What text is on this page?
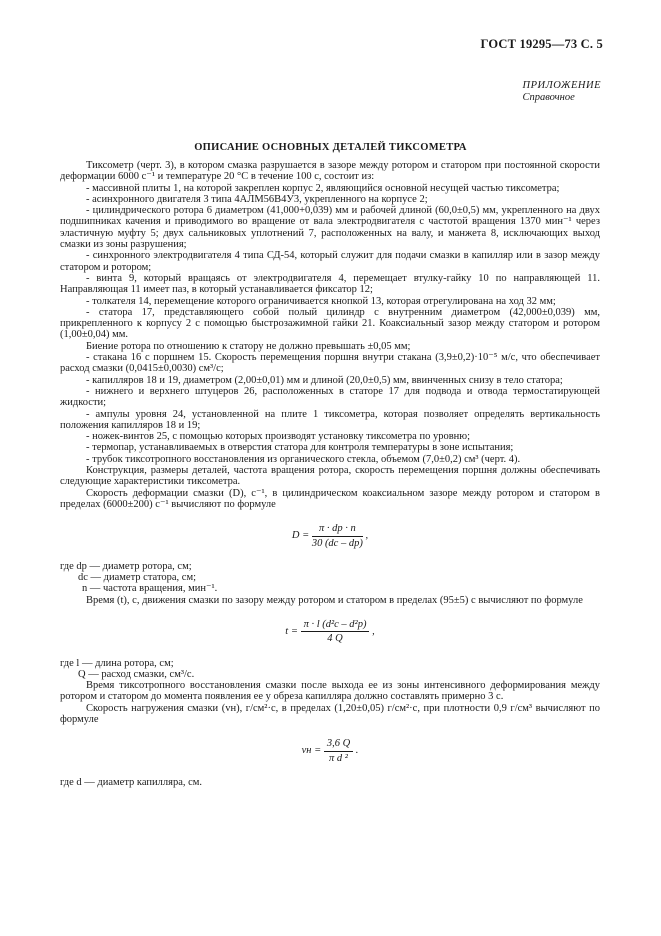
ГОСТ 19295—73 С. 5
ПРИЛОЖЕНИЕ
Справочное
ОПИСАНИЕ ОСНОВНЫХ ДЕТАЛЕЙ ТИКСОМЕТРА

Тиксометр (черт. 3), в котором смазка разрушается в зазоре между ротором и статором при постоянной скорости деформации 6000 с⁻¹ и температуре 20 °С в течение 100 с, состоит из:

- массивной плиты 1, на которой закреплен корпус 2, являющийся основной несущей частью тиксометра;

- асинхронного двигателя 3 типа 4АЛМ56В4У3, укрепленного на корпусе 2;

- цилиндрического ротора 6 диаметром (41,000+0,039) мм и рабочей длиной (60,0±0,5) мм, укрепленного на двух подшипниках качения и приводимого во вращение от вала электродвигателя с частотой вращения 1370 мин⁻¹ через эластичную муфту 5; двух сальниковых уплотнений 7, расположенных на валу, и манжета 8, исключающих выход смазки из зоны разрушения;

- синхронного электродвигателя 4 типа СД-54, который служит для подачи смазки в капилляр или в зазор между статором и ротором;

- винта 9, который вращаясь от электродвигателя 4, перемещает втулку-гайку 10 по направляющей 11. Направляющая 11 имеет паз, в который устанавливается фиксатор 12;

- толкателя 14, перемещение которого ограничивается кнопкой 13, которая отрегулирована на ход 32 мм;

- статора 17, представляющего собой полый цилиндр с внутренним диаметром (42,000±0,039) мм, прикрепленного к корпусу 2 с помощью быстрозажимной гайки 21. Коаксиальный зазор между статором и ротором (1,00±0,04) мм.

Биение ротора по отношению к статору не должно превышать ±0,05 мм;

- стакана 16 с поршнем 15. Скорость перемещения поршня внутри стакана (3,9±0,2)·10⁻⁵ м/с, что обеспечивает расход смазки (0,0415±0,0030) см³/с;

- капилляров 18 и 19, диаметром (2,00±0,01) мм и длиной (20,0±0,5) мм, ввинченных снизу в тело статора;

- нижнего и верхнего штуцеров 26, расположенных в статоре 17 для подвода и отвода термостатирующей жидкости;

- ампулы уровня 24, установленной на плите 1 тиксометра, которая позволяет определять вертикальность положения капилляров 18 и 19;

- ножек-винтов 25, с помощью которых производят установку тиксометра по уровню;

- термопар, устанавливаемых в отверстия статора для контроля температуры в зоне испытания;

- трубок тиксотропного восстановления из органического стекла, объемом (7,0±0,2) см³ (черт. 4).

Конструкция, размеры деталей, частота вращения ротора, скорость перемещения поршня должны обеспечивать следующие характеристики тиксометра.

Скорость деформации смазки (D), с⁻¹, в цилиндрическом коаксиальном зазоре между ротором и статором в пределах (6000±200) с⁻¹ вычисляют по формуле

$D = \frac{\pi \cdot dр \cdot n}{30 (dс - dр)}$ ,
где dр — диаметр ротора, см;
dс — диаметр статора, см;
n — частота вращения, мин⁻¹.

Время (t), с, движения смазки по зазору между ротором и статором в пределах (95±5) с вычисляют по формуле

$t = \frac{\text{π · l (d²с – d²р)}}{4 Q}$ ,
где l — длина ротора, см;
Q — расход смазки, см³/с.

Время тиксотропного восстановления смазки после выхода ее из зоны интенсивного деформирования между ротором и статором до момента появления ее у обреза капилляра должно составлять примерно 3 с.

Скорость нагружения смазки (vн), г/см²·с, в пределах (1,20±0,05) г/см²·с, при плотности 0,9 г/см³ вычисляют по формуле

vн = $\frac{3,6 Q}{\text{π d ²}}$ .
где d — диаметр капилляра, см.
